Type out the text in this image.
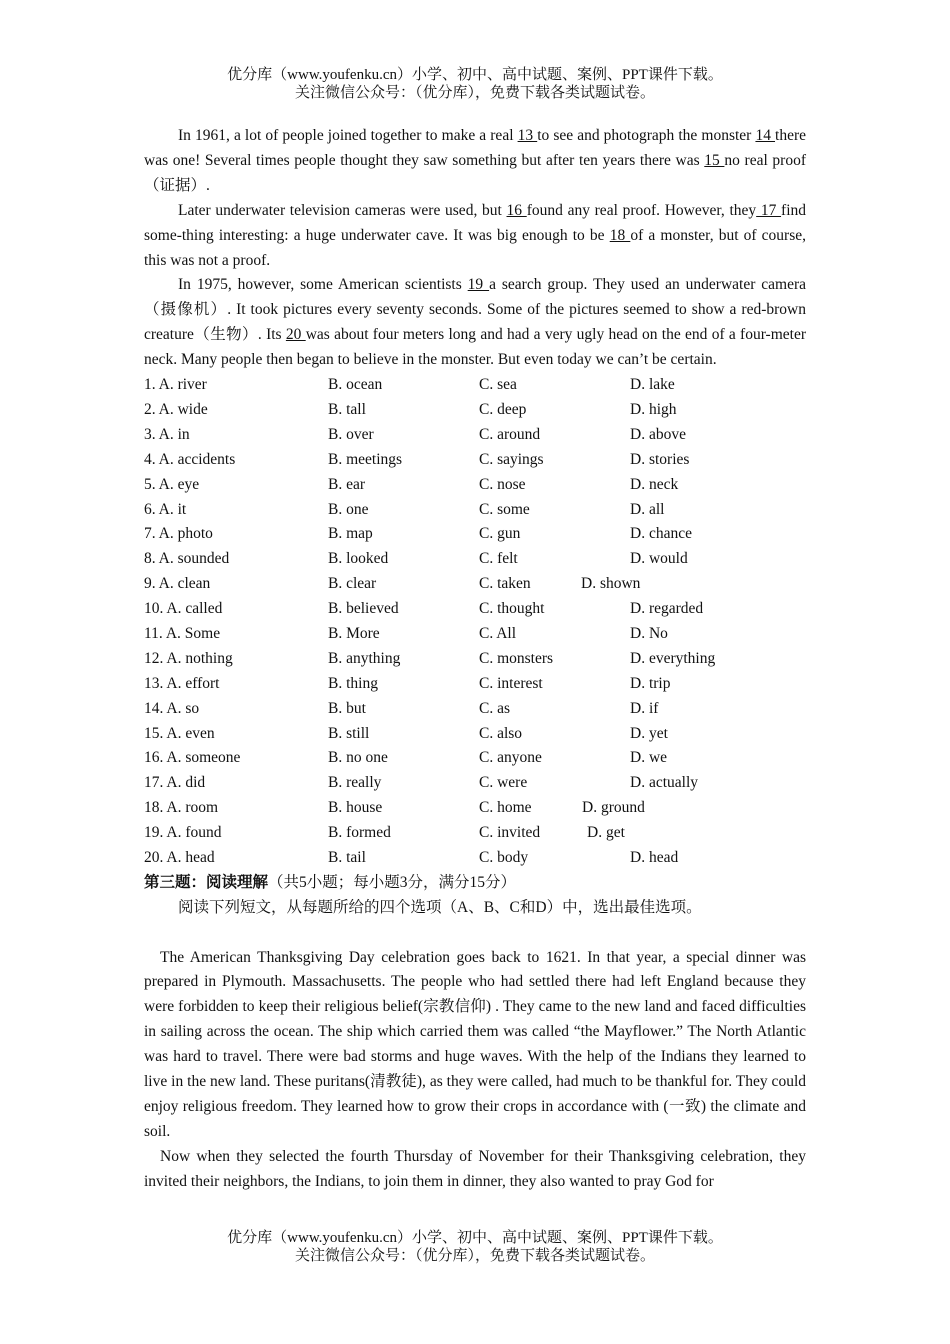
优分库（www.youfenku.cn）小学、初中、高中试题、案例、PPT课件下载。
关注微信公众号：（优分库），免费下载各类试题试卷。

In 1961, a lot of people joined together to make a real 13 to see and photograph the monster 14 there was one! Several times people thought they saw something but after ten years there was 15 no real proof（证据）.

Later underwater television cameras were used, but 16 found any real proof. However, they 17 find some-thing interesting: a huge underwater cave. It was big enough to be 18 of a monster, but of course, this was not a proof.

In 1975, however, some American scientists 19 a search group. They used an underwater camera（摄像机）. It took pictures every seventy seconds. Some of the pictures seemed to show a red-brown creature（生物）. Its 20 was about four meters long and had a very ugly head on the end of a four-meter neck. Many people then began to believe in the monster. But even today we can’t be certain.

1. A. river	B. ocean	C. sea	D. lake
2. A. wide	B. tall	C. deep	D. high
3. A. in	B. over	C. around	D. above
4. A. accidents	B. meetings	C. sayings	D. stories
5. A. eye	B. ear	C. nose	D. neck
6. A. it	B. one	C. some	D. all
7. A. photo	B. map	C. gun	D. chance
8. A. sounded	B. looked	C. felt	D. would
9. A. clean	B. clear	C. taken	D. shown
10. A. called	B. believed	C. thought	D. regarded
11. A. Some	B. More	C. All	D. No
12. A. nothing	B. anything	C. monsters	D. everything
13. A. effort	B. thing	C. interest	D. trip
14. A. so	B. but	C. as	D. if
15. A. even	B. still	C. also	D. yet
16. A. someone	B. no one	C. anyone	D. we
17. A. did	B. really	C. were	D. actually
18. A. room	B. house	C. home	D. ground
19. A. found	B. formed	C. invited	D. get
20. A. head	B. tail	C. body	D. head

第三题：阅读理解（共5小题；每小题3分，满分15分）

阅读下列短文，从每题所给的四个选项（A、B、C和D）中，选出最佳选项。

The American Thanksgiving Day celebration goes back to 1621. In that year, a special dinner was prepared in Plymouth. Massachusetts. The people who had settled there had left England because they were forbidden to keep their religious belief(宗教信仰) . They came to the new land and faced difficulties in sailing across the ocean. The ship which carried them was called “the Mayflower.” The North Atlantic was hard to travel. There were bad storms and huge waves. With the help of the Indians they learned to live in the new land. These puritans(清教徒), as they were called, had much to be thankful for. They could enjoy religious freedom. They learned how to grow their crops in accordance with (一致) the climate and soil.

Now when they selected the fourth Thursday of November for their Thanksgiving celebration, they invited their neighbors, the Indians, to join them in dinner, they also wanted to pray God for

优分库（www.youfenku.cn）小学、初中、高中试题、案例、PPT课件下载。
关注微信公众号：（优分库），免费下载各类试题试卷。
